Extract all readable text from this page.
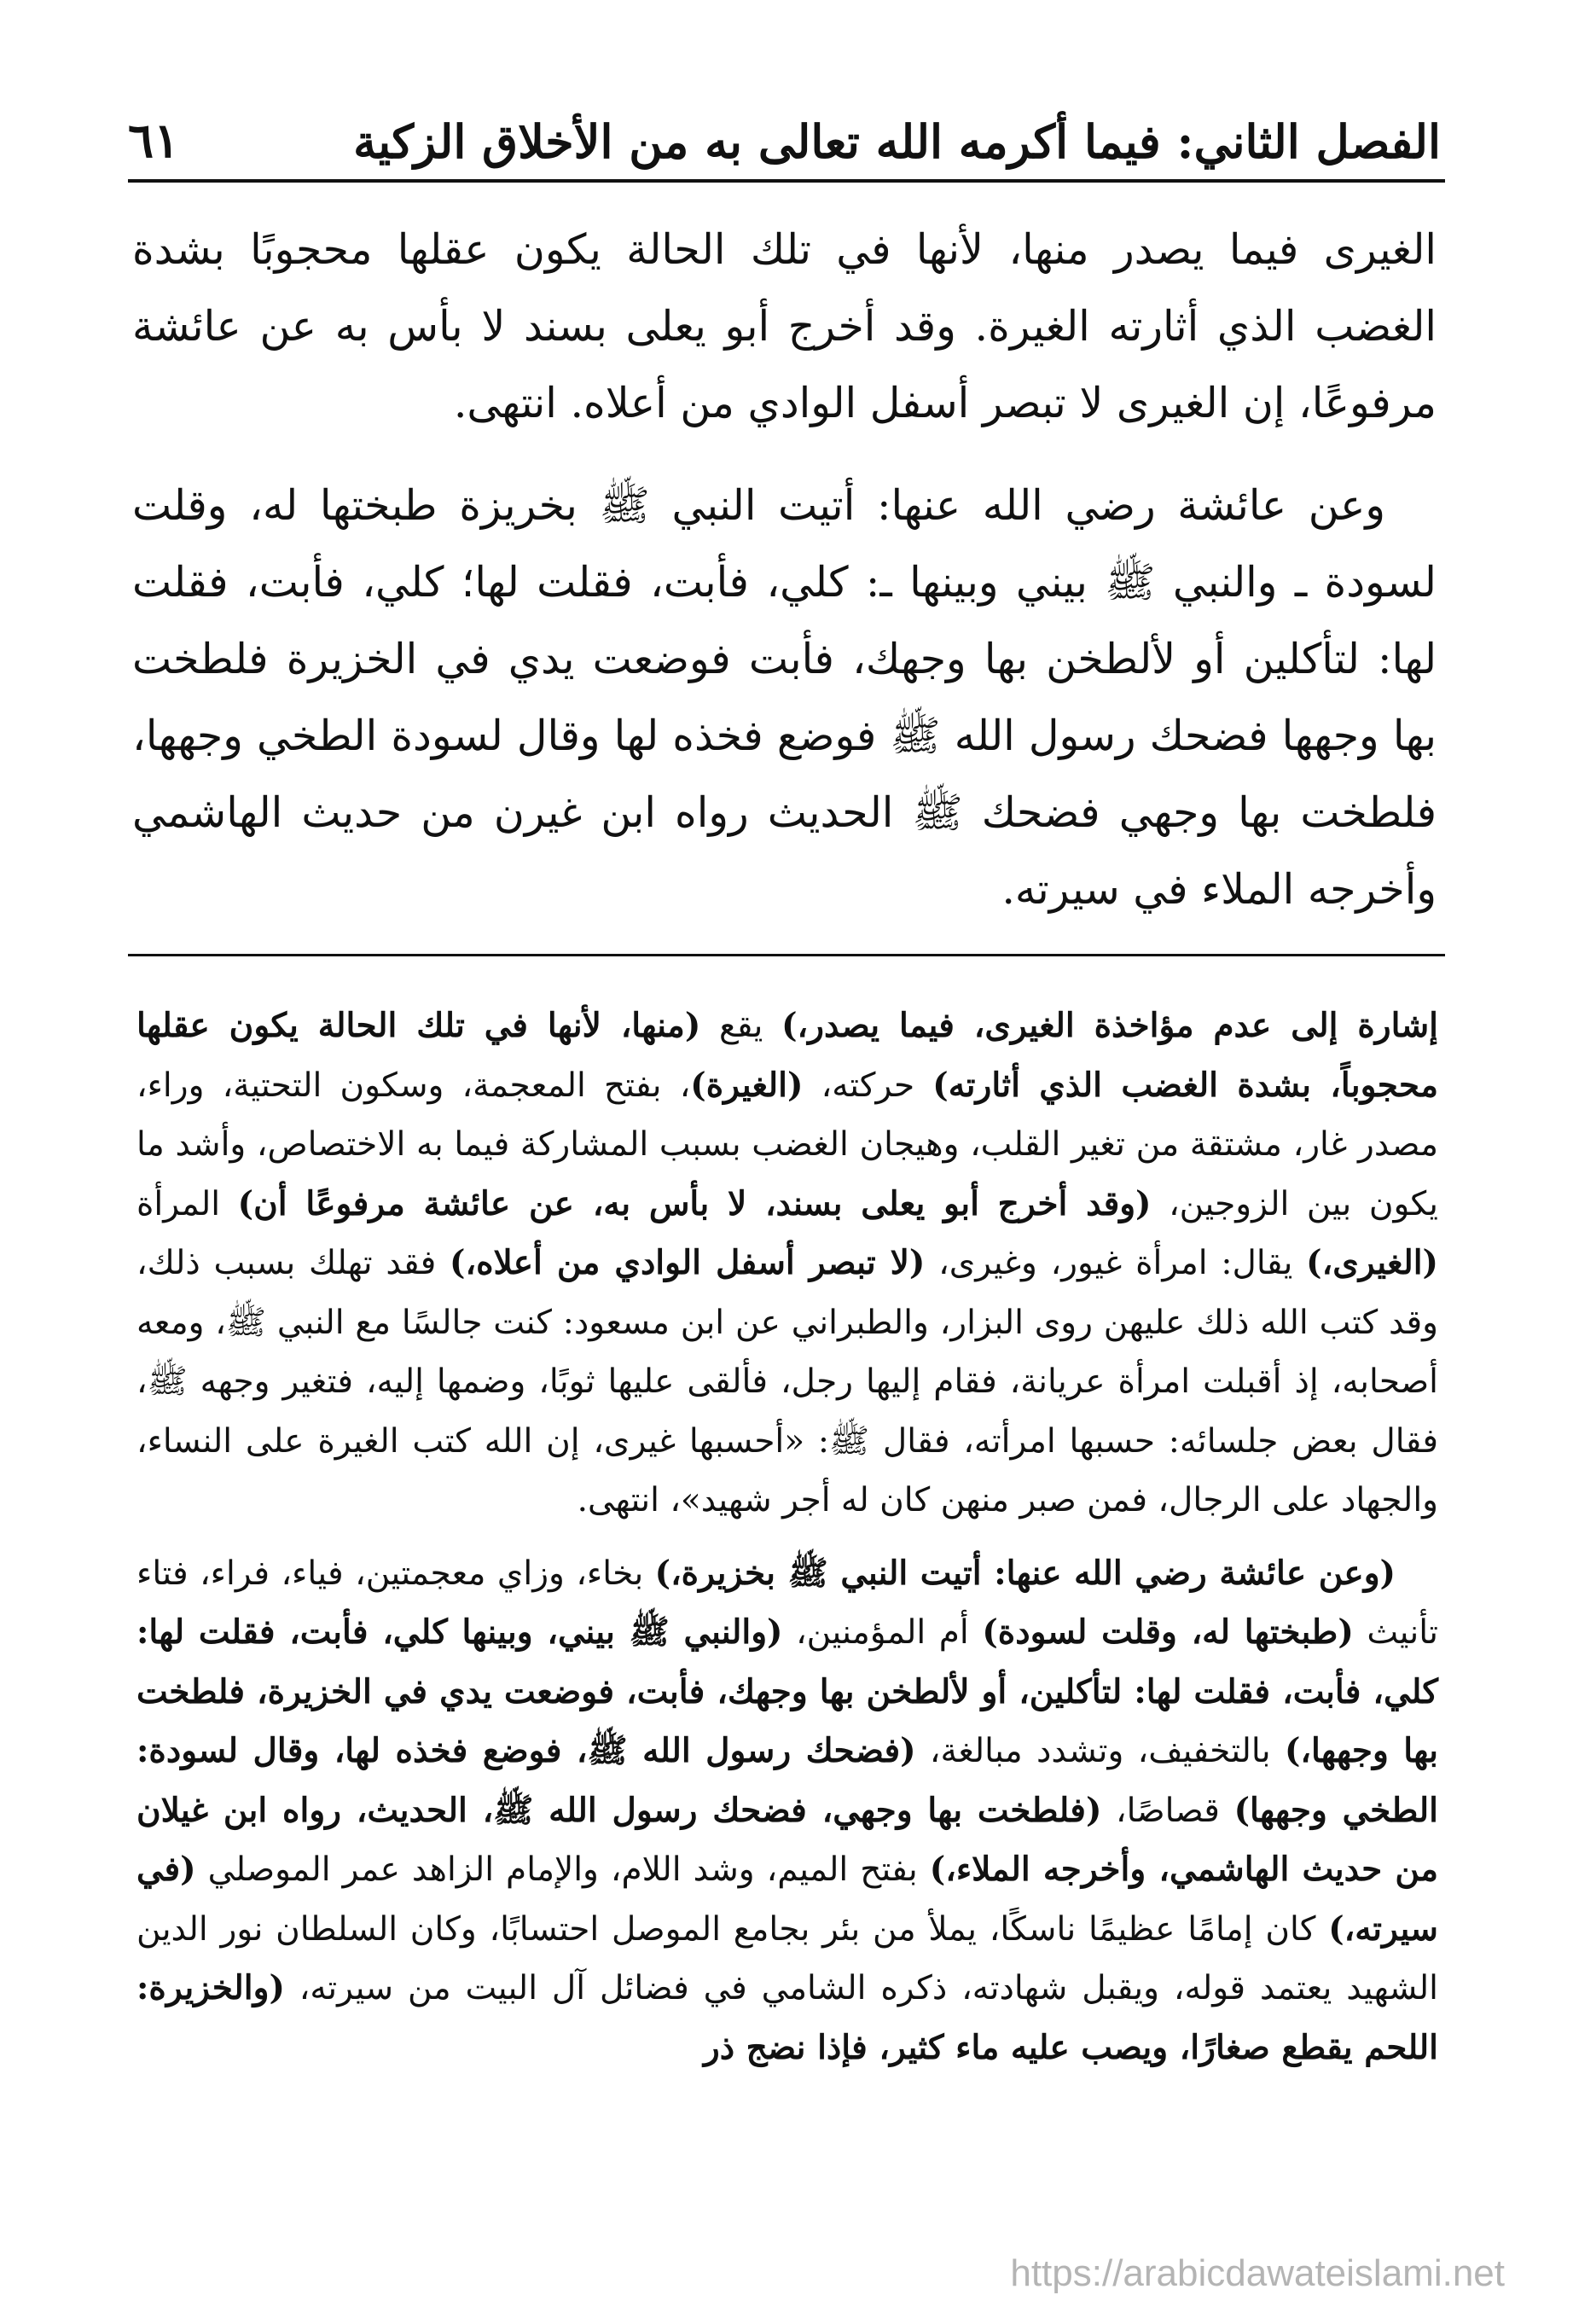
الفصل الثاني: فيما أكرمه الله تعالى به من الأخلاق الزكية
٦١

الغيرى فيما يصدر منها، لأنها في تلك الحالة يكون عقلها محجوبًا بشدة الغضب الذي أثارته الغيرة. وقد أخرج أبو يعلى بسند لا بأس به عن عائشة مرفوعًا، إن الغيرى لا تبصر أسفل الوادي من أعلاه. انتهى.

وعن عائشة رضي الله عنها: أتيت النبي ﷺ بخريزة طبختها له، وقلت لسودة ـ والنبي ﷺ بيني وبينها ـ: كلي، فأبت، فقلت لها؛ كلي، فأبت، فقلت لها: لتأكلين أو لألطخن بها وجهك، فأبت فوضعت يدي في الخزيرة فلطخت بها وجهها فضحك رسول الله ﷺ فوضع فخذه لها وقال لسودة الطخي وجهها، فلطخت بها وجهي فضحك ﷺ الحديث رواه ابن غيرن من حديث الهاشمي وأخرجه الملاء في سيرته.

إشارة إلى عدم مؤاخذة الغيرى، فيما يصدر،) يقع (منها، لأنها في تلك الحالة يكون عقلها محجوباً، بشدة الغضب الذي أثارته) حركته، (الغيرة)، بفتح المعجمة، وسكون التحتية، وراء، مصدر غار، مشتقة من تغير القلب، وهيجان الغضب بسبب المشاركة فيما به الاختصاص، وأشد ما يكون بين الزوجين، (وقد أخرج أبو يعلى بسند، لا بأس به، عن عائشة مرفوعًا أن) المرأة (الغيرى،) يقال: امرأة غيور، وغيرى، (لا تبصر أسفل الوادي من أعلاه،) فقد تهلك بسبب ذلك، وقد كتب الله ذلك عليهن روى البزار، والطبراني عن ابن مسعود: كنت جالسًا مع النبي ﷺ، ومعه أصحابه، إذ أقبلت امرأة عريانة، فقام إليها رجل، فألقى عليها ثوبًا، وضمها إليه، فتغير وجهه ﷺ، فقال بعض جلسائه: حسبها امرأته، فقال ﷺ: «أحسبها غيرى، إن الله كتب الغيرة على النساء، والجهاد على الرجال، فمن صبر منهن كان له أجر شهيد»، انتهى.

(وعن عائشة رضي الله عنها: أتيت النبي ﷺ بخزيرة،) بخاء، وزاي معجمتين، فياء، فراء، فتاء تأنيث (طبختها له، وقلت لسودة) أم المؤمنين، (والنبي ﷺ بيني، وبينها كلي، فأبت، فقلت لها: كلي، فأبت، فقلت لها: لتأكلين، أو لألطخن بها وجهك، فأبت، فوضعت يدي في الخزيرة، فلطخت بها وجهها،) بالتخفيف، وتشدد مبالغة، (فضحك رسول الله ﷺ، فوضع فخذه لها، وقال لسودة: الطخي وجهها) قصاصًا، (فلطخت بها وجهي، فضحك رسول الله ﷺ، الحديث، رواه ابن غيلان من حديث الهاشمي، وأخرجه الملاء،) بفتح الميم، وشد اللام، والإمام الزاهد عمر الموصلي (في سيرته،) كان إمامًا عظيمًا ناسكًا، يملأ من بئر بجامع الموصل احتسابًا، وكان السلطان نور الدين الشهيد يعتمد قوله، ويقبل شهادته، ذكره الشامي في فضائل آل البيت من سيرته، (والخزيرة: اللحم يقطع صغارًا، ويصب عليه ماء كثير، فإذا نضج ذر

https://arabicdawateislami.net
